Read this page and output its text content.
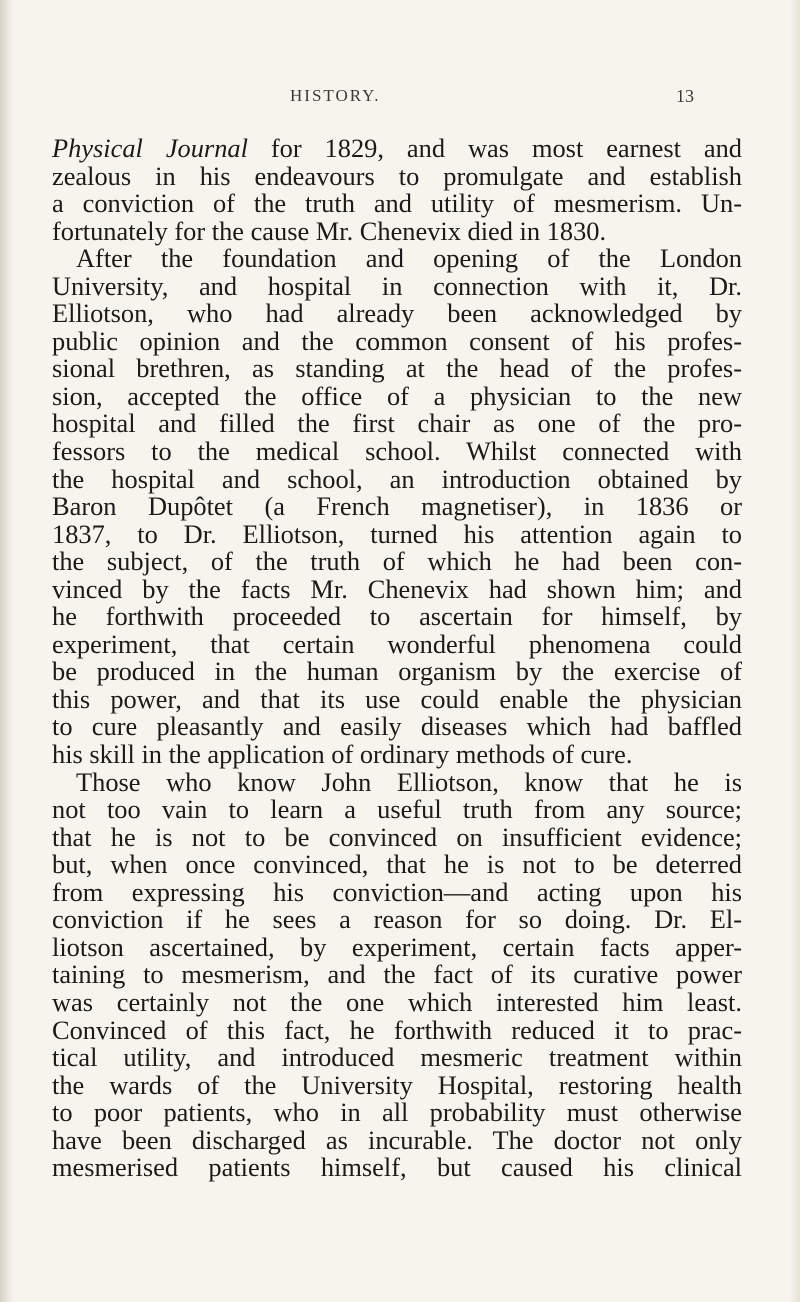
HISTORY.	13
Physical Journal for 1829, and was most earnest and
zealous in his endeavours to promulgate and establish
a conviction of the truth and utility of mesmerism. Un-
fortunately for the cause Mr. Chenevix died in 1830.
After the foundation and opening of the London
University, and hospital in connection with it, Dr.
Elliotson, who had already been acknowledged by
public opinion and the common consent of his profes-
sional brethren, as standing at the head of the profes-
sion, accepted the office of a physician to the new
hospital and filled the first chair as one of the pro-
fessors to the medical school. Whilst connected with
the hospital and school, an introduction obtained by
Baron Dupôtet (a French magnetiser), in 1836 or
1837, to Dr. Elliotson, turned his attention again to
the subject, of the truth of which he had been con-
vinced by the facts Mr. Chenevix had shown him; and
he forthwith proceeded to ascertain for himself, by
experiment, that certain wonderful phenomena could
be produced in the human organism by the exercise of
this power, and that its use could enable the physician
to cure pleasantly and easily diseases which had baffled
his skill in the application of ordinary methods of cure.
Those who know John Elliotson, know that he is
not too vain to learn a useful truth from any source;
that he is not to be convinced on insufficient evidence;
but, when once convinced, that he is not to be deterred
from expressing his conviction—and acting upon his
conviction if he sees a reason for so doing. Dr. El-
liotson ascertained, by experiment, certain facts apper-
taining to mesmerism, and the fact of its curative power
was certainly not the one which interested him least.
Convinced of this fact, he forthwith reduced it to prac-
tical utility, and introduced mesmeric treatment within
the wards of the University Hospital, restoring health
to poor patients, who in all probability must otherwise
have been discharged as incurable. The doctor not only
mesmerised patients himself, but caused his clinical
